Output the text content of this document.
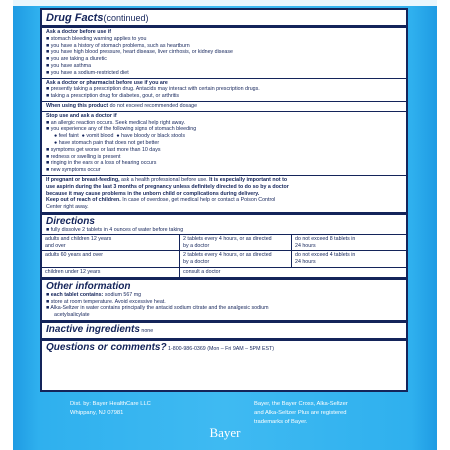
Drug Facts(continued)
Ask a doctor before use if
■ stomach bleeding warning applies to you
■ you have a history of stomach problems, such as heartburn
■ you have high blood pressure, heart disease, liver cirrhosis, or kidney disease
■ you are taking a diuretic
■ you have asthma
■ you have a sodium-restricted diet
Ask a doctor or pharmacist before use if you are
■ presently taking a prescription drug. Antacids may interact with certain prescription drugs.
■ taking a prescription drug for diabetes, gout, or arthritis
When using this product do not exceed recommended dosage
Stop use and ask a doctor if
■ an allergic reaction occurs. Seek medical help right away.
■ you experience any of the following signs of stomach bleeding
● feel faint ● vomit blood ● have bloody or black stools
● have stomach pain that does not get better
■ symptoms get worse or last more than 10 days
■ redness or swelling is present
■ ringing in the ears or a loss of hearing occurs
■ new symptoms occur
If pregnant or breast-feeding, ask a health professional before use. It is especially important not to
use aspirin during the last 3 months of pregnancy unless definitely directed to do so by a doctor
because it may cause problems in the unborn child or complications during delivery.
Keep out of reach of children. In case of overdose, get medical help or contact a Poison Control
Center right away.
Directions
■ fully dissolve 2 tablets in 4 ounces of water before taking
adults and children 12 years
and over
2 tablets every 4 hours, or as directed
by a doctor
do not exceed 8 tablets in
24 hours
adults 60 years and over	2 tablets every 4 hours, or as directed
by a doctor
do not exceed 4 tablets in
24 hours
children under 12 years	consult a doctor
Other information
■ each tablet contains: sodium 567 mg
■ store at room temperature. Avoid excessive heat.
■ Alka-Seltzer in water contains principally the antacid sodium citrate and the analgesic sodium
acetylsalicylate
Inactive ingredients none
Questions or comments? 1-800-986-0369 (Mon – Fri 9AM – 5PM EST)
Dist. by: Bayer HealthCare LLC
Whippany, NJ 07981
Bayer, the Bayer Cross, Alka-Seltzer
and Alka-Seltzer Plus are registered
trademarks of Bayer.
Bayer
